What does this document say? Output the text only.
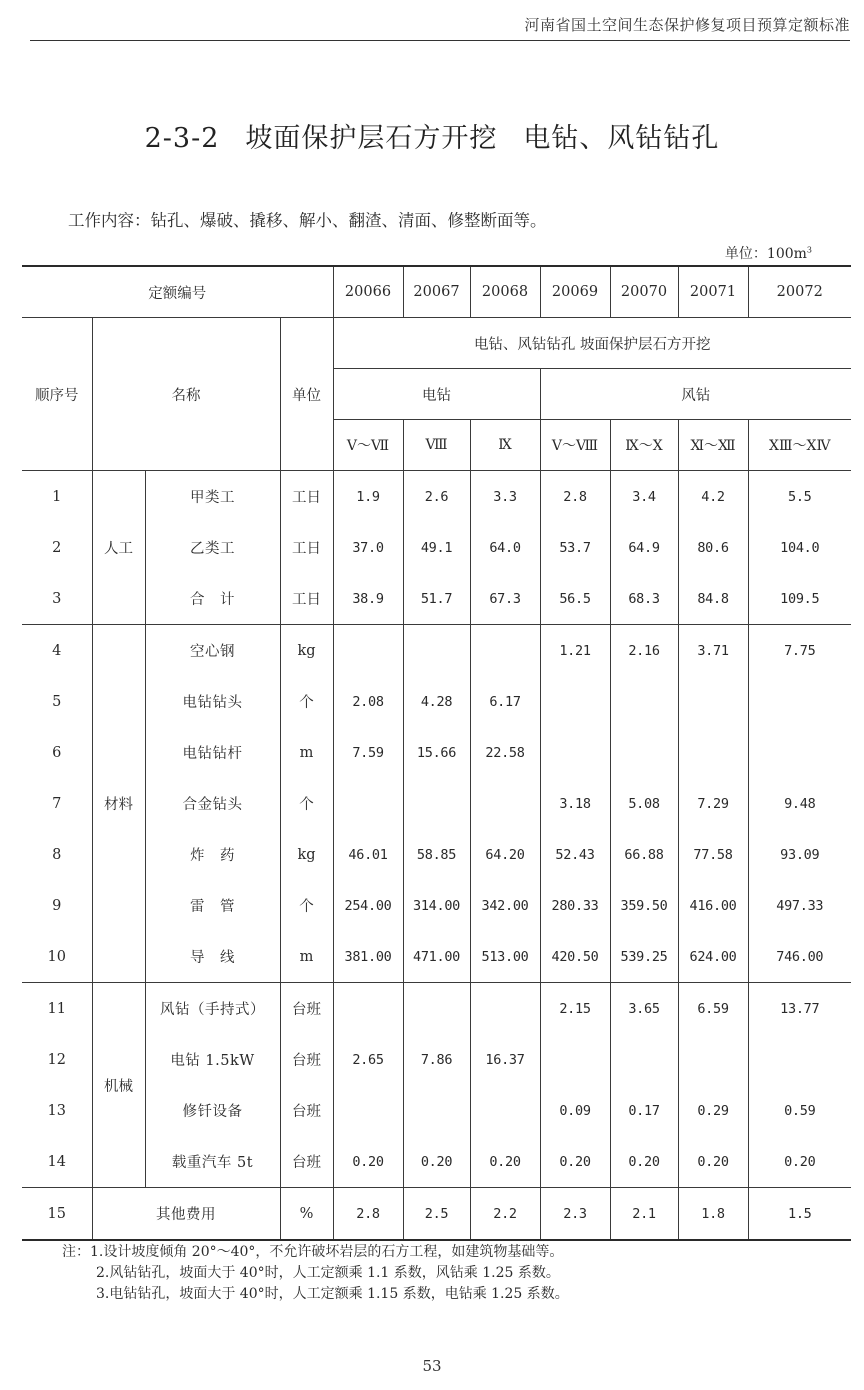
河南省国土空间生态保护修复项目预算定额标准
2-3-2 坡面保护层石方开挖 电钻、风钻钻孔
工作内容：钻孔、爆破、撬移、解小、翻渣、清面、修整断面等。
单位：$100m^3$
定额编号				20066	20067	20068	20069	20070	20071	20072
顺序号	名称		单位	电钻、风钻钻孔 坡面保护层石方开挖						
				电钻			风钻			
				Ⅴ～Ⅶ	Ⅷ	Ⅸ	Ⅴ～Ⅷ	Ⅸ～Ⅹ	Ⅺ～Ⅻ	ⅩⅢ～ⅩⅣ
1	人工	甲类工	工日	1.9	2.6	3.3	2.8	3.4	4.2	5.5
2		乙类工	工日	37.0	49.1	64.0	53.7	64.9	80.6	104.0
3		合　计	工日	38.9	51.7	67.3	56.5	68.3	84.8	109.5
4	材料	空心钢	kg				1.21	2.16	3.71	7.75
5		电钻钻头	个	2.08	4.28	6.17				
6		电钻钻杆	m	7.59	15.66	22.58				
7		合金钻头	个				3.18	5.08	7.29	9.48
8		炸　药	kg	46.01	58.85	64.20	52.43	66.88	77.58	93.09
9		雷　管	个	254.00	314.00	342.00	280.33	359.50	416.00	497.33
10		导　线	m	381.00	471.00	513.00	420.50	539.25	624.00	746.00
11	机械	风钻（手持式）	台班				2.15	3.65	6.59	13.77
12		电钻 1.5kW	台班	2.65	7.86	16.37				
13		修钎设备	台班				0.09	0.17	0.29	0.59
14		载重汽车 5t	台班	0.20	0.20	0.20	0.20	0.20	0.20	0.20
15	其他费用		%	2.8	2.5	2.2	2.3	2.1	1.8	1.5
注：1.设计坡度倾角 20°～40°，不允许破坏岩层的石方工程，如建筑物基础等。
2.风钻钻孔，坡面大于 40°时，人工定额乘 1.1 系数，风钻乘 1.25 系数。
3.电钻钻孔，坡面大于 40°时，人工定额乘 1.15 系数，电钻乘 1.25 系数。
53
